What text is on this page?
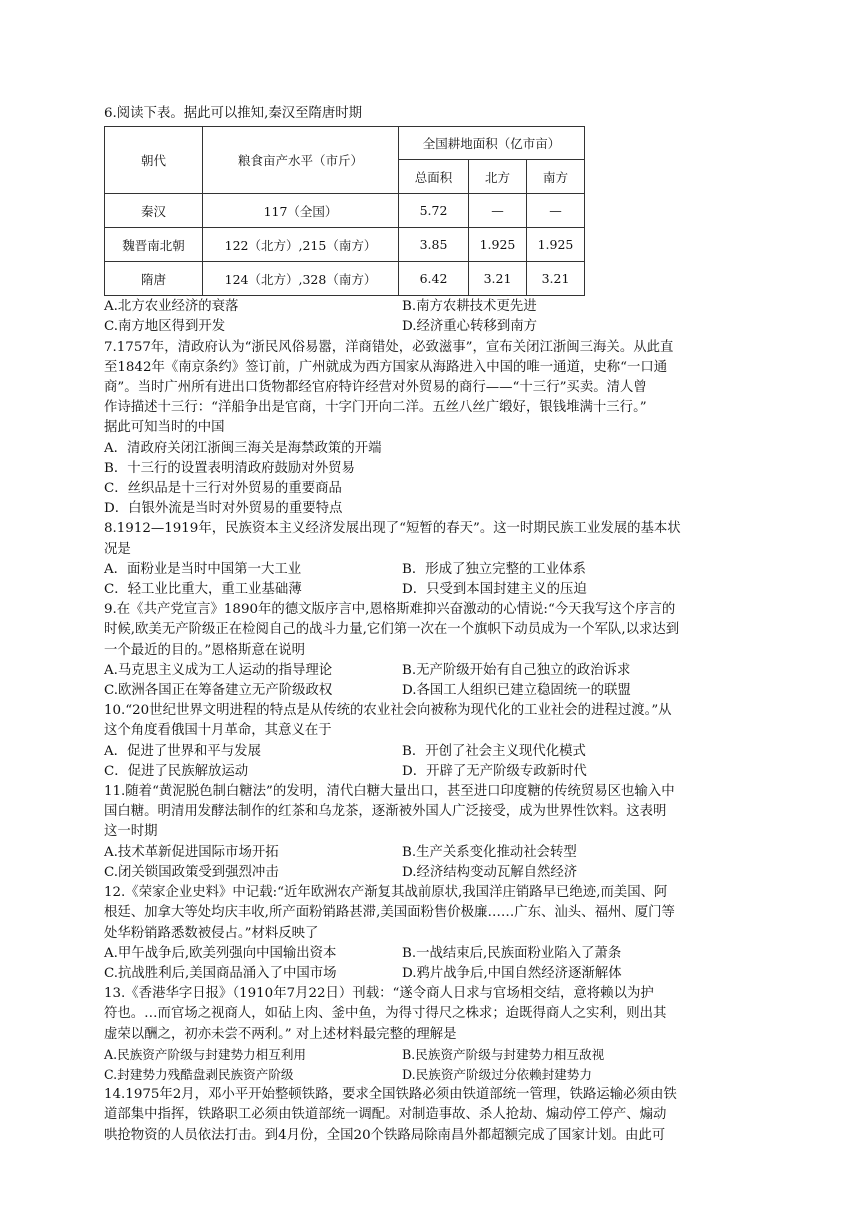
6.阅读下表。据此可以推知,秦汉至隋唐时期
朝代	粮食亩产水平（市斤）	全国耕地面积（亿市亩）		
		总面积	北方	南方
秦汉	117（全国）	5.72	—	—
魏晋南北朝	122（北方）,215（南方）	3.85	1.925	1.925
隋唐	124（北方）,328（南方）	6.42	3.21	3.21
A.北方农业经济的衰落	B.南方农耕技术更先进
C.南方地区得到开发	D.经济重心转移到南方
7.1757年，清政府认为“浙民风俗易嚣，洋商错处，必致滋事”，宣布关闭江浙闽三海关。从此直
至1842年《南京条约》签订前，广州就成为西方国家从海路进入中国的唯一通道，史称“一口通
商”。当时广州所有进出口货物都经官府特许经营对外贸易的商行——“十三行”买卖。清人曾
作诗描述十三行：“洋船争出是官商，十字门开向二洋。五丝八丝广缎好，银钱堆满十三行。”
据此可知当时的中国
A．清政府关闭江浙闽三海关是海禁政策的开端
B．十三行的设置表明清政府鼓励对外贸易
C．丝织品是十三行对外贸易的重要商品
D．白银外流是当时对外贸易的重要特点
8.1912—1919年，民族资本主义经济发展出现了“短暂的春天”。这一时期民族工业发展的基本状
况是
A．面粉业是当时中国第一大工业	B．形成了独立完整的工业体系
C．轻工业比重大，重工业基础薄	D．只受到本国封建主义的压迫
9.在《共产党宣言》1890年的德文版序言中,恩格斯难抑兴奋激动的心情说:“今天我写这个序言的
时候,欧美无产阶级正在检阅自己的战斗力量,它们第一次在一个旗帜下动员成为一个军队,以求达到
一个最近的目的。”恩格斯意在说明
A.马克思主义成为工人运动的指导理论	B.无产阶级开始有自己独立的政治诉求
C.欧洲各国正在筹备建立无产阶级政权	D.各国工人组织已建立稳固统一的联盟
10.“20世纪世界文明进程的特点是从传统的农业社会向被称为现代化的工业社会的进程过渡。”从
这个角度看俄国十月革命，其意义在于
A．促进了世界和平与发展	B．开创了社会主义现代化模式
C．促进了民族解放运动	D．开辟了无产阶级专政新时代
11.随着“黄泥脱色制白糖法”的发明，清代白糖大量出口，甚至进口印度糖的传统贸易区也输入中
国白糖。明清用发酵法制作的红茶和乌龙茶，逐渐被外国人广泛接受，成为世界性饮料。这表明
这一时期
A.技术革新促进国际市场开拓	B.生产关系变化推动社会转型
C.闭关锁国政策受到强烈冲击	D.经济结构变动瓦解自然经济
12.《荣家企业史料》中记载:“近年欧洲农产渐复其战前原状,我国洋庄销路早已绝迹,而美国、阿
根廷、加拿大等处均庆丰收,所产面粉销路甚滞,美国面粉售价极廉……广东、汕头、福州、厦门等
处华粉销路悉数被侵占。”材料反映了
A.甲午战争后,欧美列强向中国输出资本	B.一战结束后,民族面粉业陷入了萧条
C.抗战胜利后,美国商品涌入了中国市场	D.鸦片战争后,中国自然经济逐渐解体
13.《香港华字日报》（1910年7月22日）刊载：“遂令商人日求与官场相交结，意将赖以为护
符也。…而官场之视商人，如砧上肉、釜中鱼，为得寸得尺之株求；迨既得商人之实利，则出其
虚荣以酬之，初亦未尝不两利。” 对上述材料最完整的理解是
A.民族资产阶级与封建势力相互利用	B.民族资产阶级与封建势力相互敌视
C.封建势力残酷盘剥民族资产阶级	D.民族资产阶级过分依赖封建势力
14.1975年2月，邓小平开始整顿铁路，要求全国铁路必须由铁道部统一管理，铁路运输必须由铁
道部集中指挥，铁路职工必须由铁道部统一调配。对制造事故、杀人抢劫、煽动停工停产、煽动
哄抢物资的人员依法打击。到4月份，全国20个铁路局除南昌外都超额完成了国家计划。由此可
